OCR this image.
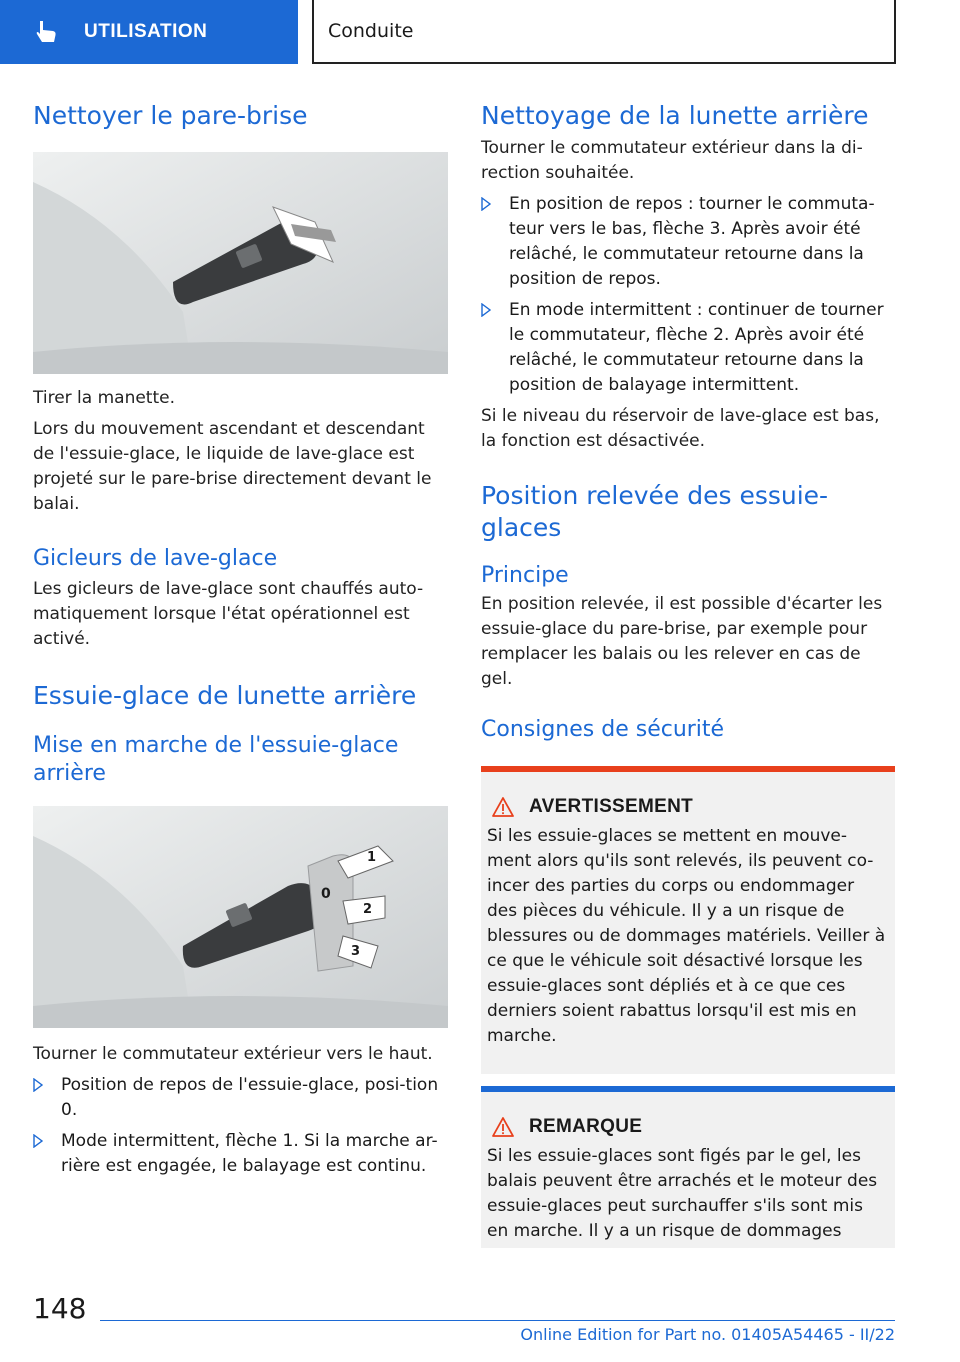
UTILISATION	Conduite
Nettoyer le pare-brise

Tirer la manette.

Lors du mouvement ascendant et descendant de l'essuie-glace, le liquide de lave-glace est projeté sur le pare-brise directement devant le balai.

Gicleurs de lave-glace

Les gicleurs de lave-glace sont chauffés auto-matiquement lorsque l'état opérationnel est activé.

Essuie-glace de lunette arrière
Mise en marche de l'essuie-glace arrière
1
0
2
3

Tourner le commutateur extérieur vers le haut.

Position de repos de l'essuie-glace, posi-tion 0.
Mode intermittent, flèche 1. Si la marche ar-rière est engagée, le balayage est continu.
Nettoyage de la lunette arrière

Tourner le commutateur extérieur dans la di-rection souhaitée.

En position de repos : tourner le commuta-teur vers le bas, flèche 3. Après avoir été relâché, le commutateur retourne dans la position de repos.
En mode intermittent : continuer de tourner le commutateur, flèche 2. Après avoir été relâché, le commutateur retourne dans la position de balayage intermittent.

Si le niveau du réservoir de lave-glace est bas, la fonction est désactivée.

Position relevée des essuie-glaces
Principe

En position relevée, il est possible d'écarter les essuie-glace du pare-brise, par exemple pour remplacer les balais ou les relever en cas de gel.

Consignes de sécurité
AVERTISSEMENT

Si les essuie-glaces se mettent en mouve-ment alors qu'ils sont relevés, ils peuvent co-incer des parties du corps ou endommager des pièces du véhicule. Il y a un risque de blessures ou de dommages matériels. Veiller à ce que le véhicule soit désactivé lorsque les essuie-glaces sont dépliés et à ce que ces derniers soient rabattus lorsqu'il est mis en marche.

REMARQUE

Si les essuie-glaces sont figés par le gel, les balais peuvent être arrachés et le moteur des essuie-glaces peut surchauffer s'ils sont mis en marche. Il y a un risque de dommages

148
Online Edition for Part no. 01405A54465 - II/22
